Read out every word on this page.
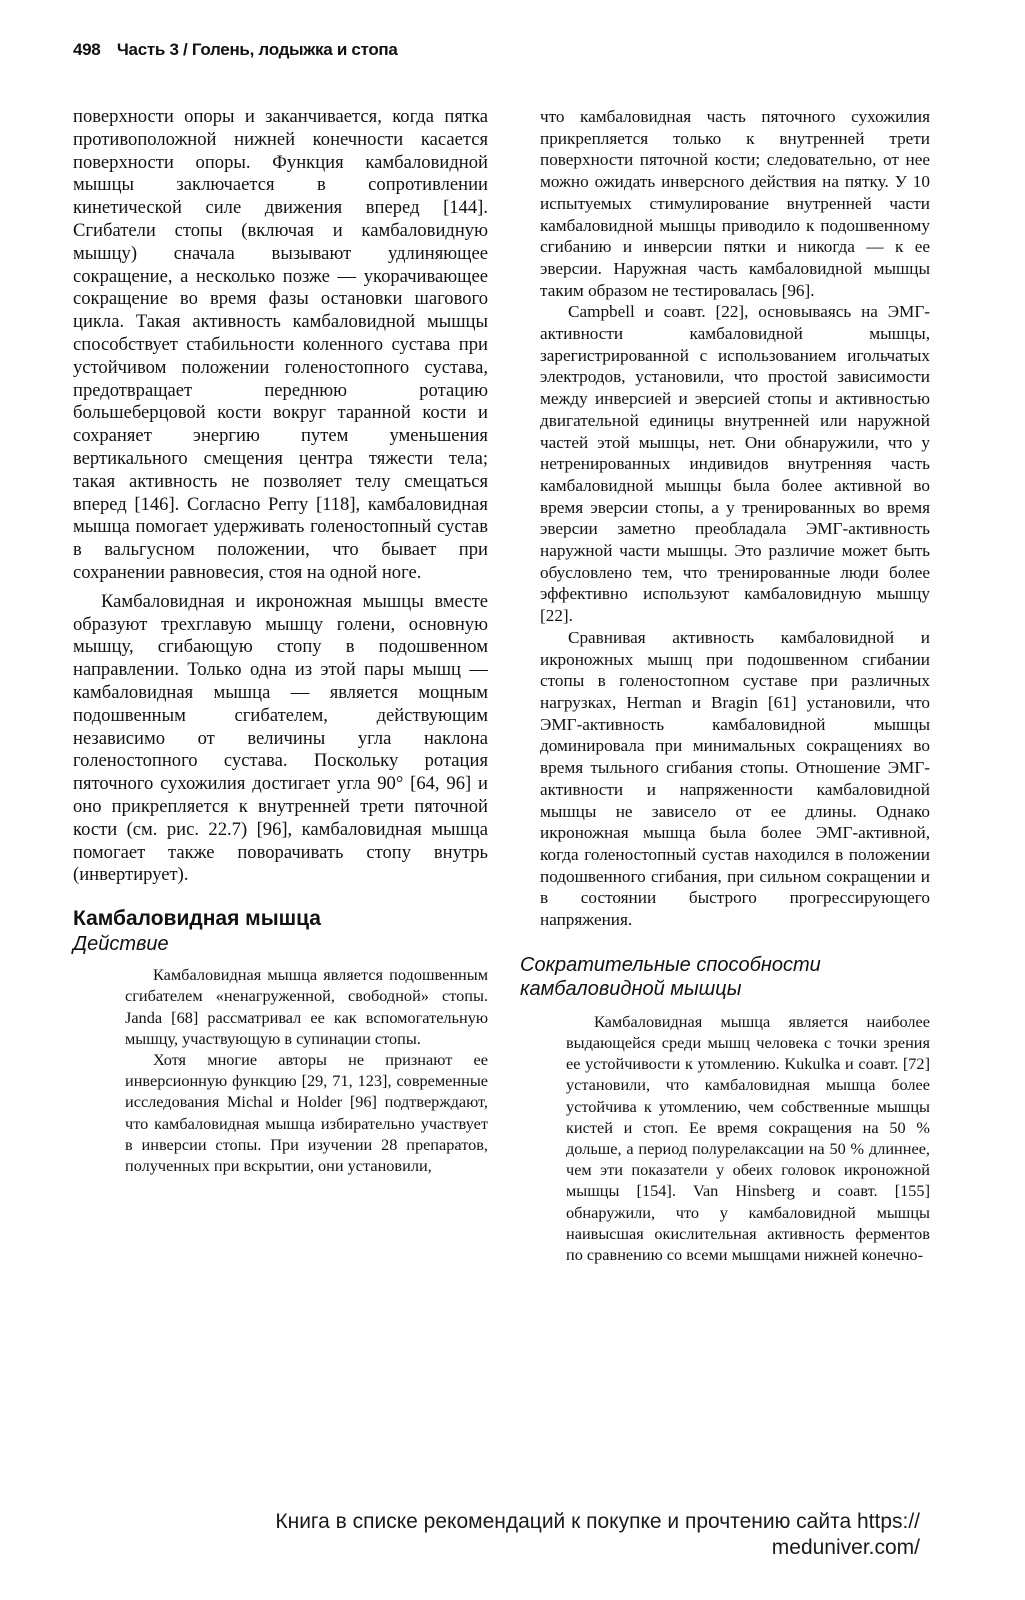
498 Часть 3 / Голень, лодыжка и стопа

поверхности опоры и заканчивается, когда пятка противоположной нижней конечности касается поверхности опоры. Функция камбаловидной мышцы заключается в сопротивлении кинетической силе движения вперед [144]. Сгибатели стопы (включая и камбаловидную мышцу) сначала вызывают удлиняющее сокращение, а несколько позже — укорачивающее сокращение во время фазы остановки шагового цикла. Такая активность камбаловидной мышцы способствует стабильности коленного сустава при устойчивом положении голеностопного сустава, предотвращает переднюю ротацию большеберцовой кости вокруг таранной кости и сохраняет энергию путем уменьшения вертикального смещения центра тяжести тела; такая активность не позволяет телу смещаться вперед [146]. Согласно Perry [118], камбаловидная мышца помогает удерживать голеностопный сустав в вальгусном положении, что бывает при сохранении равновесия, стоя на одной ноге.

Камбаловидная и икроножная мышцы вместе образуют трехглавую мышцу голени, основную мышцу, сгибающую стопу в подошвенном направлении. Только одна из этой пары мышц — камбаловидная мышца — является мощным подошвенным сгибателем, действующим независимо от величины угла наклона голеностопного сустава. Поскольку ротация пяточного сухожилия достигает угла 90° [64, 96] и оно прикрепляется к внутренней трети пяточной кости (см. рис. 22.7) [96], камбаловидная мышца помогает также поворачивать стопу внутрь (инвертирует).

Камбаловидная мышца
Действие

Камбаловидная мышца является подошвенным сгибателем «ненагруженной, свободной» стопы. Janda [68] рассматривал ее как вспомогательную мышцу, участвующую в супинации стопы.

Хотя многие авторы не признают ее инверсионную функцию [29, 71, 123], современные исследования Michal и Holder [96] подтверждают, что камбаловидная мышца избирательно участвует в инверсии стопы. При изучении 28 препаратов, полученных при вскрытии, они установили,

что камбаловидная часть пяточного сухожилия прикрепляется только к внутренней трети поверхности пяточной кости; следовательно, от нее можно ожидать инверсного действия на пятку. У 10 испытуемых стимулирование внутренней части камбаловидной мышцы приводило к подошвенному сгибанию и инверсии пятки и никогда — к ее эверсии. Наружная часть камбаловидной мышцы таким образом не тестировалась [96].

Campbell и соавт. [22], основываясь на ЭМГ-активности камбаловидной мышцы, зарегистрированной с использованием игольчатых электродов, установили, что простой зависимости между инверсией и эверсией стопы и активностью двигательной единицы внутренней или наружной частей этой мышцы, нет. Они обнаружили, что у нетренированных индивидов внутренняя часть камбаловидной мышцы была более активной во время эверсии стопы, а у тренированных во время эверсии заметно преобладала ЭМГ-активность наружной части мышцы. Это различие может быть обусловлено тем, что тренированные люди более эффективно используют камбаловидную мышцу [22].

Сравнивая активность камбаловидной и икроножных мышц при подошвенном сгибании стопы в голеностопном суставе при различных нагрузках, Herman и Bragin [61] установили, что ЭМГ-активность камбаловидной мышцы доминировала при минимальных сокращениях во время тыльного сгибания стопы. Отношение ЭМГ-активности и напряженности камбаловидной мышцы не зависело от ее длины. Однако икроножная мышца была более ЭМГ-активной, когда голеностопный сустав находился в положении подошвенного сгибания, при сильном сокращении и в состоянии быстрого прогрессирующего напряжения.

Сократительные способности камбаловидной мышцы

Камбаловидная мышца является наиболее выдающейся среди мышц человека с точки зрения ее устойчивости к утомлению. Kukulka и соавт. [72] установили, что камбаловидная мышца более устойчива к утомлению, чем собственные мышцы кистей и стоп. Ее время сокращения на 50 % дольше, а период полурелаксации на 50 % длиннее, чем эти показатели у обеих головок икроножной мышцы [154]. Van Hinsberg и соавт. [155] обнаружили, что у камбаловидной мышцы наивысшая окислительная активность ферментов по сравнению со всеми мышцами нижней конечно-

Книга в списке рекомендаций к покупке и прочтению сайта https://
meduniver.com/
